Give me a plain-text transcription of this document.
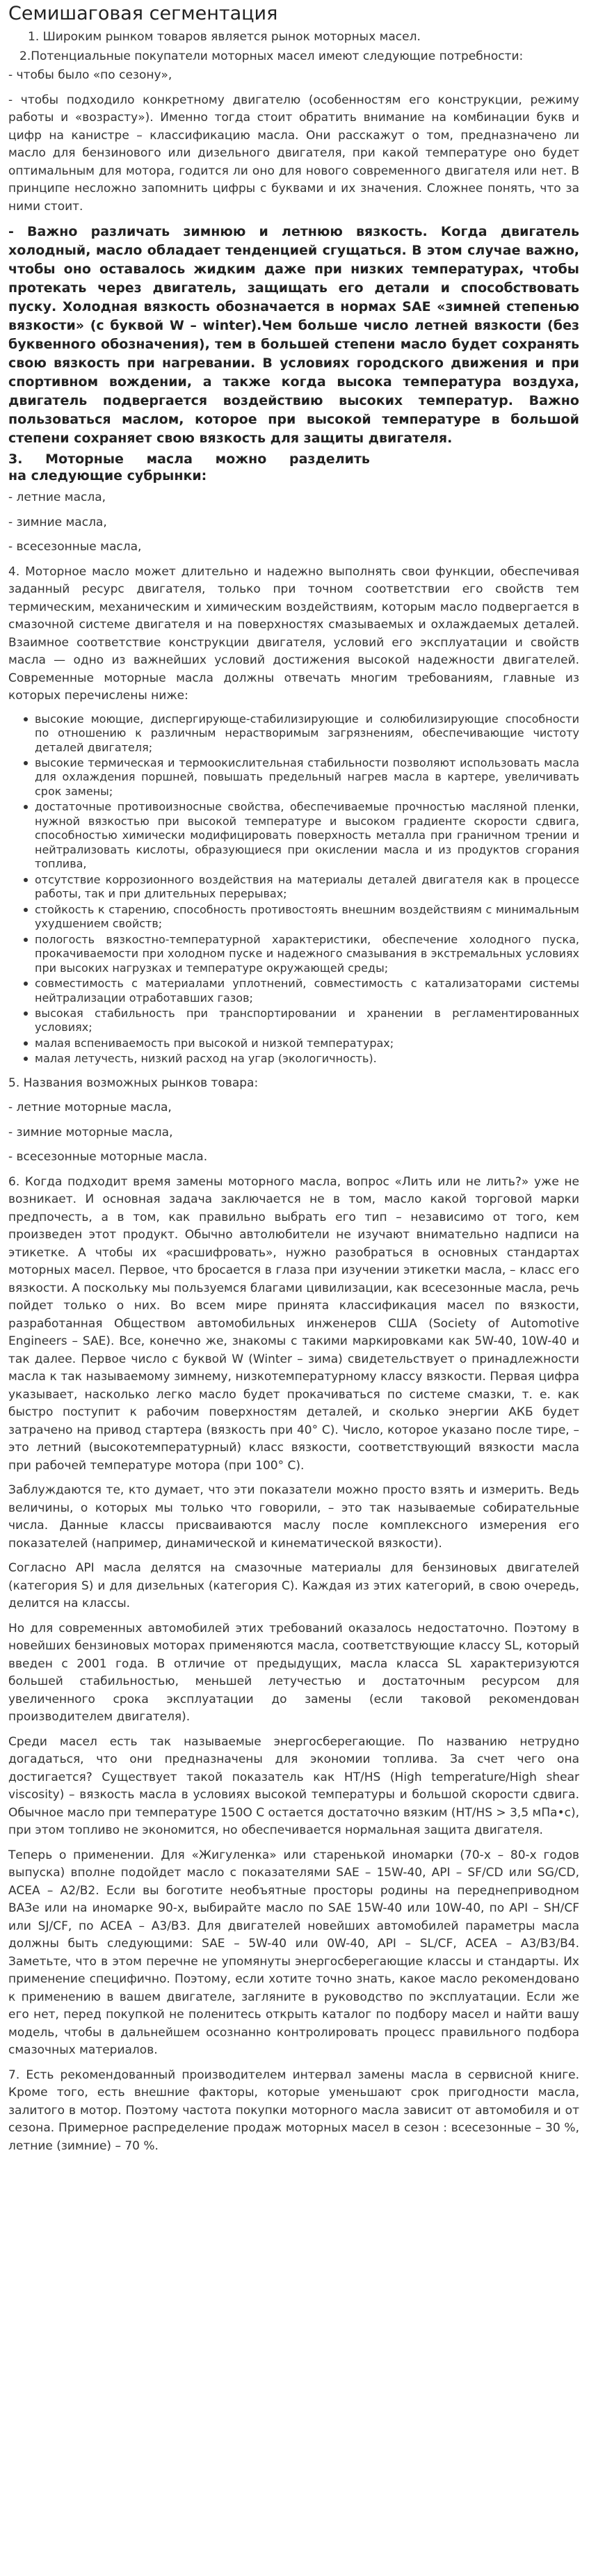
Семишаговая сегментация

1. Широким рынком товаров является рынок моторных масел.

2.Потенциальные покупатели моторных масел имеют следующие потребности:

- чтобы было «по сезону»,

- чтобы подходило конкретному двигателю (особенностям его конструкции, режиму работы и «возрасту»). Именно тогда стоит обратить внимание на комбинации букв и цифр на канистре – классификацию масла. Они расскажут о том, предназначено ли масло для бензинового или дизельного двигателя, при какой температуре оно будет оптимальным для мотора, годится ли оно для нового современного двигателя или нет. В принципе несложно запомнить цифры с буквами и их значения. Сложнее понять, что за ними стоит.

- Важно различать зимнюю и летнюю вязкость. Когда двигатель холодный, масло обладает тенденцией сгущаться. В этом случае важно, чтобы оно оставалось жидким даже при низких температурах, чтобы протекать через двигатель, защищать его детали и способствовать пуску. Холодная вязкость обозначается в нормах SAE «зимней степенью вязкости» (с буквой W – winter).Чем больше число летней вязкости (без буквенного обозначения), тем в большей степени масло будет сохранять свою вязкость при нагревании. В условиях городского движения и при спортивном вождении, а также когда высока температура воздуха, двигатель подвергается воздействию высоких температур. Важно пользоваться маслом, которое при высокой температуре в большой степени сохраняет свою вязкость для защиты двигателя.

3. Моторные масла можно разделить
на следующие субрынки:

- летние масла,

- зимние масла,

- всесезонные масла,

4. Моторное масло может длительно и надежно выполнять свои функции, обеспечивая заданный ресурс двигателя, только при точном соответствии его свойств тем термическим, механическим и химическим воздействиям, которым масло подвергается в смазочной системе двигателя и на поверхностях смазываемых и охлаждаемых деталей. Взаимное соответствие конструкции двигателя, условий его эксплуатации и свойств масла — одно из важнейших условий достижения высокой надежности двигателей. Современные моторные масла должны отвечать многим требованиям, главные из которых перечислены ниже:

высокие моющие, диспергирующе-стабилизирующие и солюбилизирующие способности по отношению к различным нерастворимым загрязнениям, обеспечивающие чистоту деталей двигателя;
высокие термическая и термоокислительная стабильности позволяют использовать масла для охлаждения поршней, повышать предельный нагрев масла в картере, увеличивать срок замены;
достаточные противоизносные свойства, обеспечиваемые прочностью масляной пленки, нужной вязкостью при высокой температуре и высоком градиенте скорости сдвига, способностью химически модифицировать поверхность металла при граничном трении и нейтрализовать кислоты, образующиеся при окислении масла и из продуктов сгорания топлива,
отсутствие коррозионного воздействия на материалы деталей двигателя как в процессе работы, так и при длительных перерывах;
стойкость к старению, способность противостоять внешним воздействиям с минимальным ухудшением свойств;
пологость вязкостно-температурной характеристики, обеспечение холодного пуска, прокачиваемости при холодном пуске и надежного смазывания в экстремальных условиях при высоких нагрузках и температуре окружающей среды;
совместимость с материалами уплотнений, совместимость с катализаторами системы нейтрализации отработавших газов;
высокая стабильность при транспортировании и хранении в регламентированных условиях;
малая вспениваемость при высокой и низкой температурах;
малая летучесть, низкий расход на угар (экологичность).

5. Названия возможных рынков товара:

- летние моторные масла,

- зимние моторные масла,

- всесезонные моторные масла.

6. Когда подходит время замены моторного масла, вопрос «Лить или не лить?» уже не возникает. И основная задача заключается не в том, масло какой торговой марки предпочесть, а в том, как правильно выбрать его тип – независимо от того, кем произведен этот продукт. Обычно автолюбители не изучают внимательно надписи на этикетке. А чтобы их «расшифровать», нужно разобраться в основных стандартах моторных масел. Первое, что бросается в глаза при изучении этикетки масла, – класс его вязкости. А поскольку мы пользуемся благами цивилизации, как всесезонные масла, речь пойдет только о них. Во всем мире принята классификация масел по вязкости, разработанная Обществом автомобильных инженеров США (Society of Automotive Engineers – SAE). Все, конечно же, знакомы с такими маркировками как 5W-40, 10W-40 и так далее. Первое число с буквой W (Winter – зима) свидетельствует о принадлежности масла к так называемому зимнему, низкотемпературному классу вязкости. Первая цифра указывает, насколько легко масло будет прокачиваться по системе смазки, т. е. как быстро поступит к рабочим поверхностям деталей, и сколько энергии АКБ будет затрачено на привод стартера (вязкость при 40° С). Число, которое указано после тире, – это летний (высокотемпературный) класс вязкости, соответствующий вязкости масла при рабочей температуре мотора (при 100° С).

Заблуждаются те, кто думает, что эти показатели можно просто взять и измерить. Ведь величины, о которых мы только что говорили, – это так называемые собирательные числа. Данные классы присваиваются маслу после комплексного измерения его показателей (например, динамической и кинематической вязкости).

Согласно API масла делятся на смазочные материалы для бензиновых двигателей (категория S) и для дизельных (категория C). Каждая из этих категорий, в свою очередь, делится на классы.

Но для современных автомобилей этих требований оказалось недостаточно. Поэтому в новейших бензиновых моторах применяются масла, соответствующие классу SL, который введен с 2001 года. В отличие от предыдущих, масла класса SL характеризуются большей стабильностью, меньшей летучестью и достаточным ресурсом для увеличенного срока эксплуатации до замены (если таковой рекомендован производителем двигателя).

Среди масел есть так называемые энергосберегающие. По названию нетрудно догадаться, что они предназначены для экономии топлива. За счет чего она достигается? Существует такой показатель как HT/HS (High temperature/High shear viscosity) – вязкость масла в условиях высокой температуры и большой скорости сдвига. Обычное масло при температуре 150О С остается достаточно вязким (HT/HS > 3,5 мПа•с), при этом топливо не экономится, но обеспечивается нормальная защита двигателя.

Теперь о применении. Для «Жигуленка» или старенькой иномарки (70-х – 80-х годов выпуска) вполне подойдет масло с показателями SAE – 15W-40, API – SF/CD или SG/CD, ACEA – A2/B2. Если вы боготите необъятные просторы родины на переднеприводном ВАЗе или на иномарке 90-х, выбирайте масло по SAE 15W-40 или 10W-40, по API – SH/CF или SJ/CF, по ACEA – A3/B3. Для двигателей новейших автомобилей параметры масла должны быть следующими: SAE – 5W-40 или 0W-40, API – SL/CF, ACEA – A3/B3/B4. Заметьте, что в этом перечне не упомянуты энергосберегающие классы и стандарты. Их применение специфично. Поэтому, если хотите точно знать, какое масло рекомендовано к применению в вашем двигателе, загляните в руководство по эксплуатации. Если же его нет, перед покупкой не поленитесь открыть каталог по подбору масел и найти вашу модель, чтобы в дальнейшем осознанно контролировать процесс правильного подбора смазочных материалов.

7. Есть рекомендованный производителем интервал замены масла в сервисной книге. Кроме того, есть внешние факторы, которые уменьшают срок пригодности масла, залитого в мотор. Поэтому частота покупки моторного масла зависит от автомобиля и от сезона. Примерное распределение продаж моторных масел в сезон : всесезонные – 30 %, летние (зимние) – 70 %.
